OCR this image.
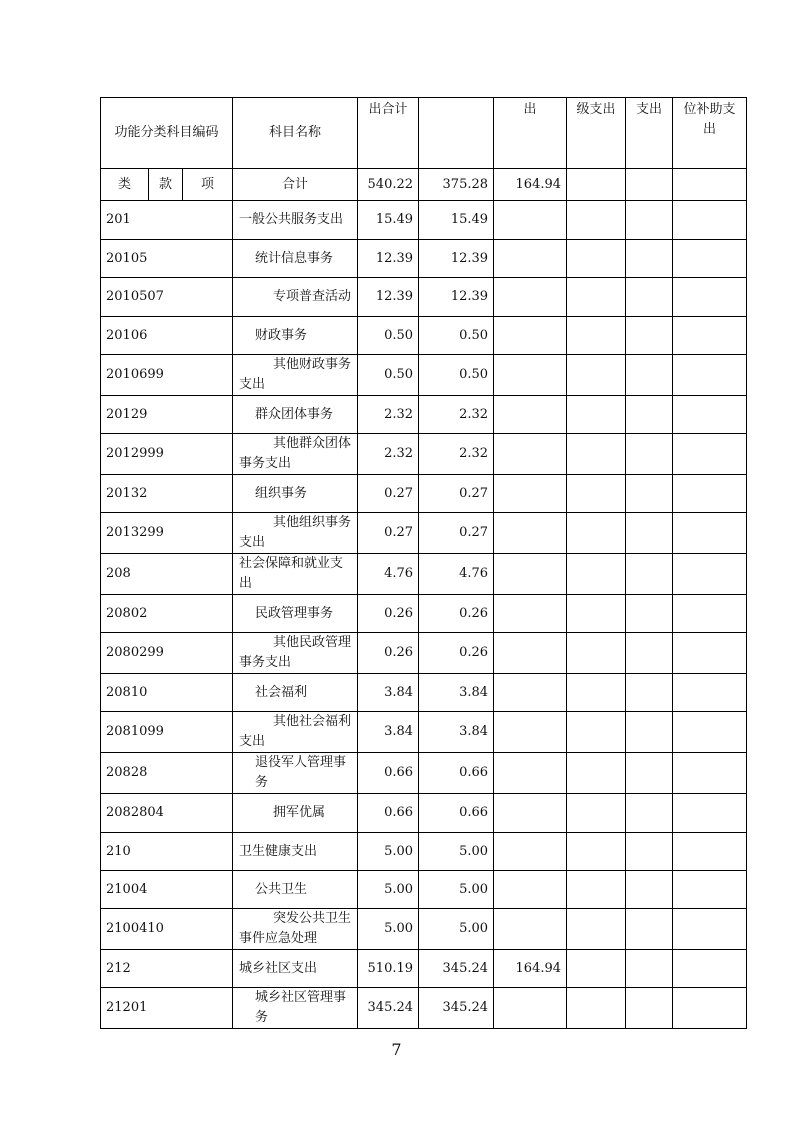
功能分类科目编码			科目名称	出合计		出	级支出	支出	位补助支出
类	款	项	合计	540.22	375.28	164.94			
201			一般公共服务支出	15.49	15.49				
20105			统计信息事务	12.39	12.39				
2010507			专项普查活动	12.39	12.39				
20106			财政事务	0.50	0.50				
2010699			其他财政事务支出	0.50	0.50				
20129			群众团体事务	2.32	2.32				
2012999			其他群众团体事务支出	2.32	2.32				
20132			组织事务	0.27	0.27				
2013299			其他组织事务支出	0.27	0.27				
208			社会保障和就业支出	4.76	4.76				
20802			民政管理事务	0.26	0.26				
2080299			其他民政管理事务支出	0.26	0.26				
20810			社会福利	3.84	3.84				
2081099			其他社会福利支出	3.84	3.84				
20828			退役军人管理事务	0.66	0.66				
2082804			拥军优属	0.66	0.66				
210			卫生健康支出	5.00	5.00				
21004			公共卫生	5.00	5.00				
2100410			突发公共卫生事件应急处理	5.00	5.00				
212			城乡社区支出	510.19	345.24	164.94			
21201			城乡社区管理事务	345.24	345.24				
7
